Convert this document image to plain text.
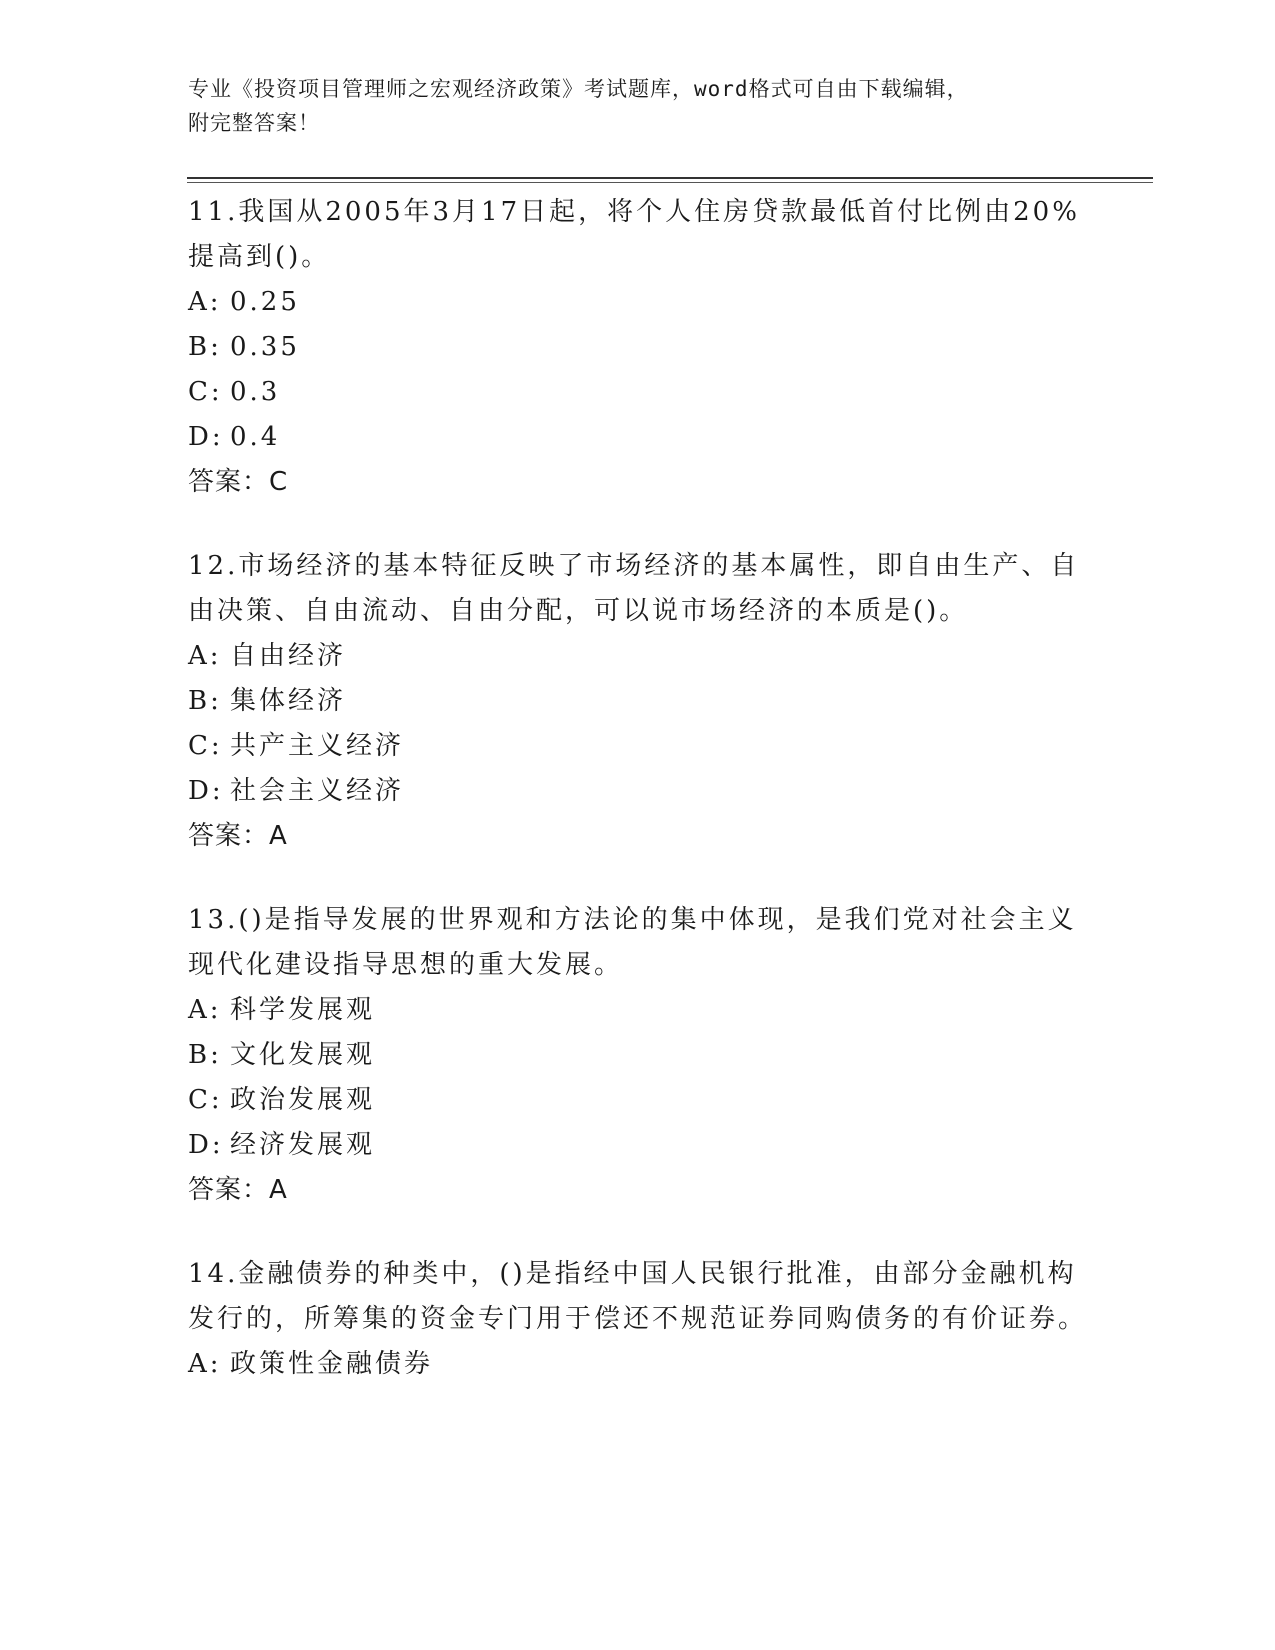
专业《投资项目管理师之宏观经济政策》考试题库，word格式可自由下载编辑，
附完整答案！
11.我国从2005年3月17日起，将个人住房贷款最低首付比例由20%提高到()。
A: 0.25
B: 0.35
C: 0.3
D: 0.4
答案：C
12.市场经济的基本特征反映了市场经济的基本属性，即自由生产、自由决策、自由流动、自由分配，可以说市场经济的本质是()。
A: 自由经济
B: 集体经济
C: 共产主义经济
D: 社会主义经济
答案：A
13.()是指导发展的世界观和方法论的集中体现，是我们党对社会主义现代化建设指导思想的重大发展。
A: 科学发展观
B: 文化发展观
C: 政治发展观
D: 经济发展观
答案：A
14.金融债券的种类中，()是指经中国人民银行批准，由部分金融机构发行的，所筹集的资金专门用于偿还不规范证券同购债务的有价证券。
A: 政策性金融债券
